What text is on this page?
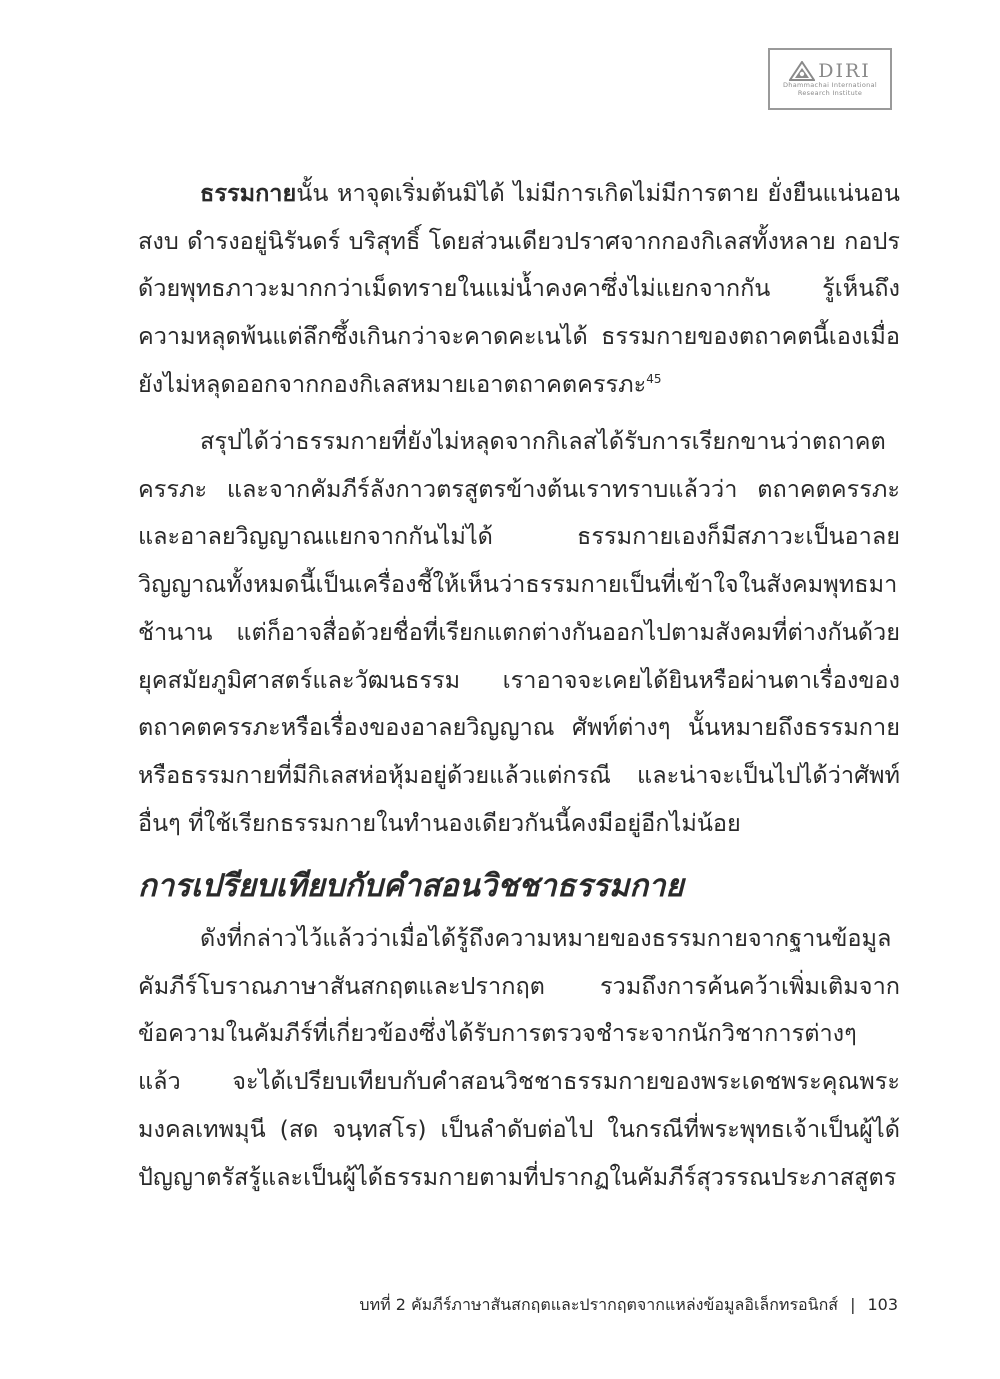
DIRI
Dhammachai International
Research Institute

ธรรมกายนั้น หาจุดเริ่มต้นมิได้ ไม่มีการเกิดไม่มีการตาย ยั่งยืนแน่นอน สงบ ดำรงอยู่นิรันดร์ บริสุทธิ์ โดยส่วนเดียวปราศจากกองกิเลสทั้งหลาย กอปรด้วยพุทธภาวะมากกว่าเม็ดทรายในแม่น้ำคงคาซึ่งไม่แยกจากกัน รู้เห็นถึงความหลุดพ้นแต่ลึกซึ้งเกินกว่าจะคาดคะเนได้ ธรรมกายของตถาคตนี้เองเมื่อยังไม่หลุดออกจากกองกิเลสหมายเอาตถาคตครรภะ$^{45}$

สรุปได้ว่าธรรมกายที่ยังไม่หลุดจากกิเลสได้รับการเรียกขานว่าตถาคตครรภะ และจากคัมภีร์ลังกาวตรสูตรข้างต้นเราทราบแล้วว่า ตถาคตครรภะและอาลยวิญญาณแยกจากกันไม่ได้ ธรรมกายเองก็มีสภาวะเป็นอาลยวิญญาณทั้งหมดนี้เป็นเครื่องชี้ให้เห็นว่าธรรมกายเป็นที่เข้าใจในสังคมพุทธมาช้านาน แต่ก็อาจสื่อด้วยชื่อที่เรียกแตกต่างกันออกไปตามสังคมที่ต่างกันด้วยยุคสมัยภูมิศาสตร์และวัฒนธรรม เราอาจจะเคยได้ยินหรือผ่านตาเรื่องของตถาคตครรภะหรือเรื่องของอาลยวิญญาณ ศัพท์ต่างๆ นั้นหมายถึงธรรมกายหรือธรรมกายที่มีกิเลสห่อหุ้มอยู่ด้วยแล้วแต่กรณี และน่าจะเป็นไปได้ว่าศัพท์อื่นๆ ที่ใช้เรียกธรรมกายในทำนองเดียวกันนี้คงมีอยู่อีกไม่น้อย

การเปรียบเทียบกับคำสอนวิชชาธรรมกาย

ดังที่กล่าวไว้แล้วว่าเมื่อได้รู้ถึงความหมายของธรรมกายจากฐานข้อมูลคัมภีร์โบราณภาษาสันสกฤตและปรากฤต รวมถึงการค้นคว้าเพิ่มเติมจากข้อความในคัมภีร์ที่เกี่ยวข้องซึ่งได้รับการตรวจชำระจากนักวิชาการต่างๆ แล้ว จะได้เปรียบเทียบกับคำสอนวิชชาธรรมกายของพระเดชพระคุณพระมงคลเทพมุนี (สด จนฺทสโร) เป็นลำดับต่อไป ในกรณีที่พระพุทธเจ้าเป็นผู้ได้ปัญญาตรัสรู้และเป็นผู้ได้ธรรมกายตามที่ปรากฏในคัมภีร์สุวรรณประภาสสูตร

บทที่ 2 คัมภีร์ภาษาสันสกฤตและปรากฤตจากแหล่งข้อมูลอิเล็กทรอนิกส์ | 103
